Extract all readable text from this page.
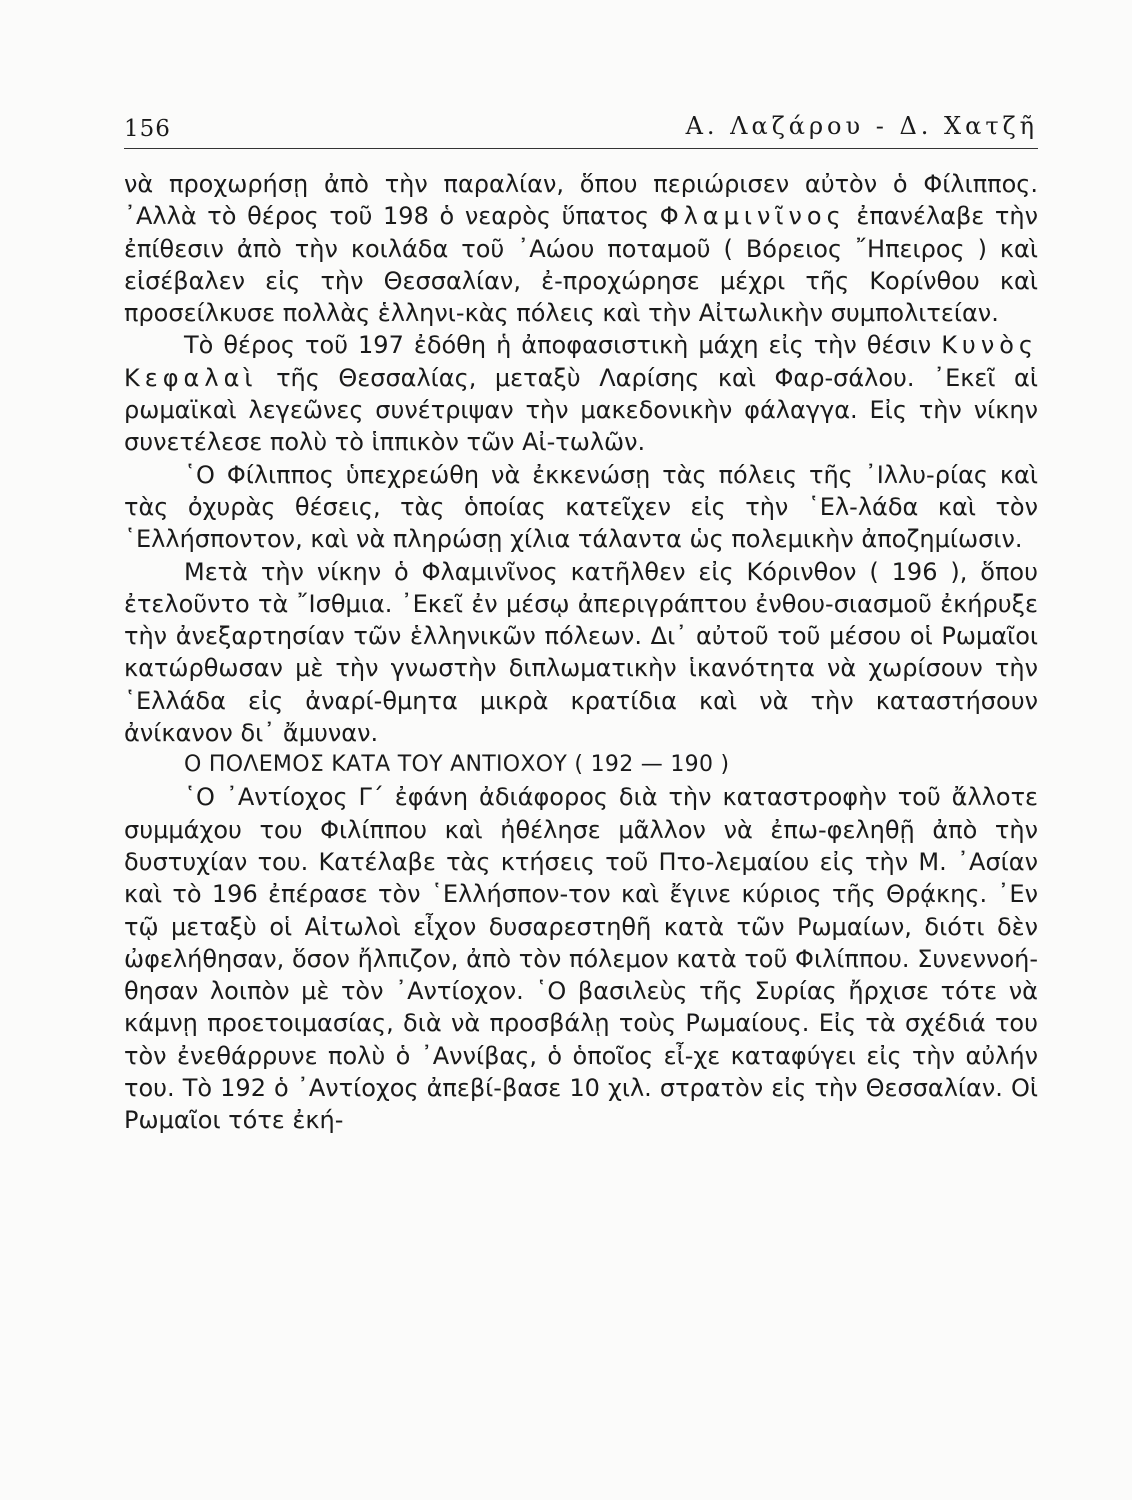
156	Α. Λαζάρου - Δ. Χατζῆ

νὰ προχωρήσῃ ἀπὸ τὴν παραλίαν, ὅπου περιώρισεν αὐτὸν ὁ Φίλιππος. ᾿Αλλὰ τὸ θέρος τοῦ 198 ὁ νεαρὸς ὕπατος Φλαμινῖνος ἐπανέλαβε τὴν ἐπίθεσιν ἀπὸ τὴν κοιλάδα τοῦ ᾿Αώου ποταμοῦ ( Βόρειος ῎Ηπειρος ) καὶ εἰσέβαλεν εἰς τὴν Θεσσαλίαν, ἐ-προχώρησε μέχρι τῆς Κορίνθου καὶ προσείλκυσε πολλὰς ἑλληνι-κὰς πόλεις καὶ τὴν Αἰτωλικὴν συμπολιτείαν.

Τὸ θέρος τοῦ 197 ἐδόθη ἡ ἀποφασιστικὴ μάχη εἰς τὴν θέσιν Κυνὸς Κεφαλαὶ τῆς Θεσσαλίας, μεταξὺ Λαρίσης καὶ Φαρ-σάλου. ᾿Εκεῖ αἱ ρωμαϊκαὶ λεγεῶνες συνέτριψαν τὴν μακεδονικὴν φάλαγγα. Εἰς τὴν νίκην συνετέλεσε πολὺ τὸ ἱππικὸν τῶν Αἰ-τωλῶν.

῾Ο Φίλιππος ὑπεχρεώθη νὰ ἐκκενώσῃ τὰς πόλεις τῆς ᾿Ιλλυ-ρίας καὶ τὰς ὀχυρὰς θέσεις, τὰς ὁποίας κατεῖχεν εἰς τὴν ῾Ελ-λάδα καὶ τὸν ῾Ελλήσποντον, καὶ νὰ πληρώσῃ χίλια τάλαντα ὡς πολεμικὴν ἀποζημίωσιν.

Μετὰ τὴν νίκην ὁ Φλαμινῖνος κατῆλθεν εἰς Κόρινθον ( 196 ), ὅπου ἐτελοῦντο τὰ ῎Ισθμια. ᾿Εκεῖ ἐν μέσῳ ἀπεριγράπτου ἐνθου-σιασμοῦ ἐκήρυξε τὴν ἀνεξαρτησίαν τῶν ἑλληνικῶν πόλεων. Δι᾿ αὐτοῦ τοῦ μέσου οἱ Ρωμαῖοι κατώρθωσαν μὲ τὴν γνωστὴν διπλωματικὴν ἱκανότητα νὰ χωρίσουν τὴν ῾Ελλάδα εἰς ἀναρί-θμητα μικρὰ κρατίδια καὶ νὰ τὴν καταστήσουν ἀνίκανον δι᾿ ἄμυναν.

Ο ΠΟΛΕΜΟΣ ΚΑΤΑ ΤΟΥ ΑΝΤΙΟΧΟΥ ( 192 — 190 )

῾Ο ᾿Αντίοχος Γ´ ἐφάνη ἀδιάφορος διὰ τὴν καταστροφὴν τοῦ ἄλλοτε συμμάχου του Φιλίππου καὶ ἠθέλησε μᾶλλον νὰ ἐπω-φεληθῇ ἀπὸ τὴν δυστυχίαν του. Κατέλαβε τὰς κτήσεις τοῦ Πτο-λεμαίου εἰς τὴν Μ. ᾿Ασίαν καὶ τὸ 196 ἐπέρασε τὸν ῾Ελλήσπον-τον καὶ ἔγινε κύριος τῆς Θρᾴκης. ᾿Εν τῷ μεταξὺ οἱ Αἰτωλοὶ εἶχον δυσαρεστηθῆ κατὰ τῶν Ρωμαίων, διότι δὲν ὠφελήθησαν, ὅσον ἤλπιζον, ἀπὸ τὸν πόλεμον κατὰ τοῦ Φιλίππου. Συνεννοή-θησαν λοιπὸν μὲ τὸν ᾿Αντίοχον. ῾Ο βασιλεὺς τῆς Συρίας ἤρχισε τότε νὰ κάμνῃ προετοιμασίας, διὰ νὰ προσβάλῃ τοὺς Ρωμαίους. Εἰς τὰ σχέδιά του τὸν ἐνεθάρρυνε πολὺ ὁ ᾿Αννίβας, ὁ ὁποῖος εἶ-χε καταφύγει εἰς τὴν αὐλήν του. Τὸ 192 ὁ ᾿Αντίοχος ἀπεβί-βασε 10 χιλ. στρατὸν εἰς τὴν Θεσσαλίαν. Οἱ Ρωμαῖοι τότε ἐκή-
